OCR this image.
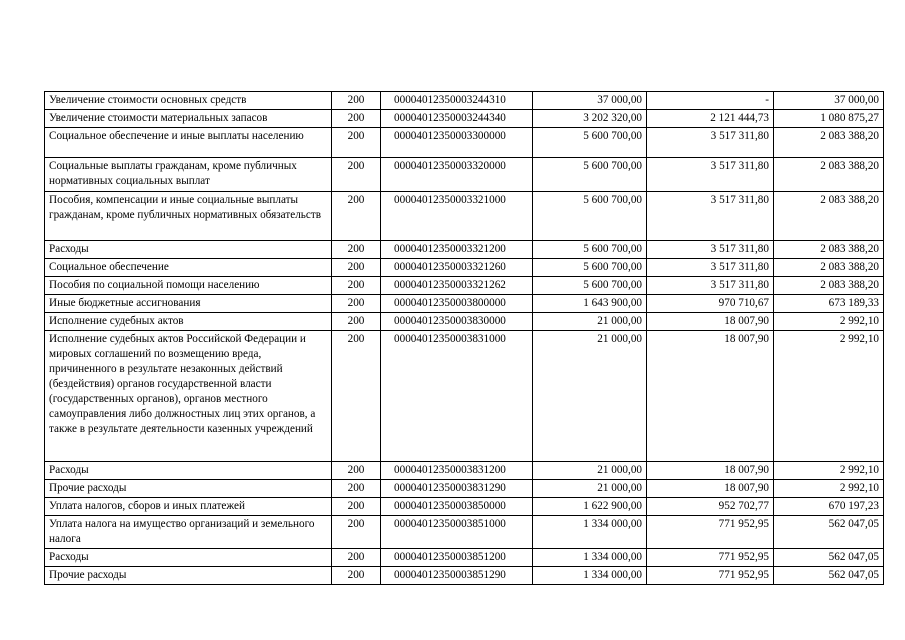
Увеличение стоимости основных средств	200	00004012350003244310	37 000,00	-	37 000,00
Увеличение стоимости материальных запасов	200	00004012350003244340	3 202 320,00	2 121 444,73	1 080 875,27
Социальное обеспечение и иные выплаты населению	200	00004012350003300000	5 600 700,00	3 517 311,80	2 083 388,20
Социальные выплаты гражданам, кроме публичных нормативных социальных выплат	200	00004012350003320000	5 600 700,00	3 517 311,80	2 083 388,20
Пособия, компенсации и иные социальные выплаты гражданам, кроме публичных нормативных обязательств	200	00004012350003321000	5 600 700,00	3 517 311,80	2 083 388,20
Расходы	200	00004012350003321200	5 600 700,00	3 517 311,80	2 083 388,20
Социальное обеспечение	200	00004012350003321260	5 600 700,00	3 517 311,80	2 083 388,20
Пособия по социальной помощи населению	200	00004012350003321262	5 600 700,00	3 517 311,80	2 083 388,20
Иные бюджетные ассигнования	200	00004012350003800000	1 643 900,00	970 710,67	673 189,33
Исполнение судебных актов	200	00004012350003830000	21 000,00	18 007,90	2 992,10
Исполнение судебных актов Российской Федерации и мировых соглашений по возмещению вреда, причиненного в результате незаконных действий (бездействия) органов государственной власти (государственных органов), органов местного самоуправления либо должностных лиц этих органов, а также в результате деятельности казенных учреждений	200	00004012350003831000	21 000,00	18 007,90	2 992,10
Расходы	200	00004012350003831200	21 000,00	18 007,90	2 992,10
Прочие расходы	200	00004012350003831290	21 000,00	18 007,90	2 992,10
Уплата налогов, сборов и иных платежей	200	00004012350003850000	1 622 900,00	952 702,77	670 197,23
Уплата налога на имущество организаций и земельного налога	200	00004012350003851000	1 334 000,00	771 952,95	562 047,05
Расходы	200	00004012350003851200	1 334 000,00	771 952,95	562 047,05
Прочие расходы	200	00004012350003851290	1 334 000,00	771 952,95	562 047,05
